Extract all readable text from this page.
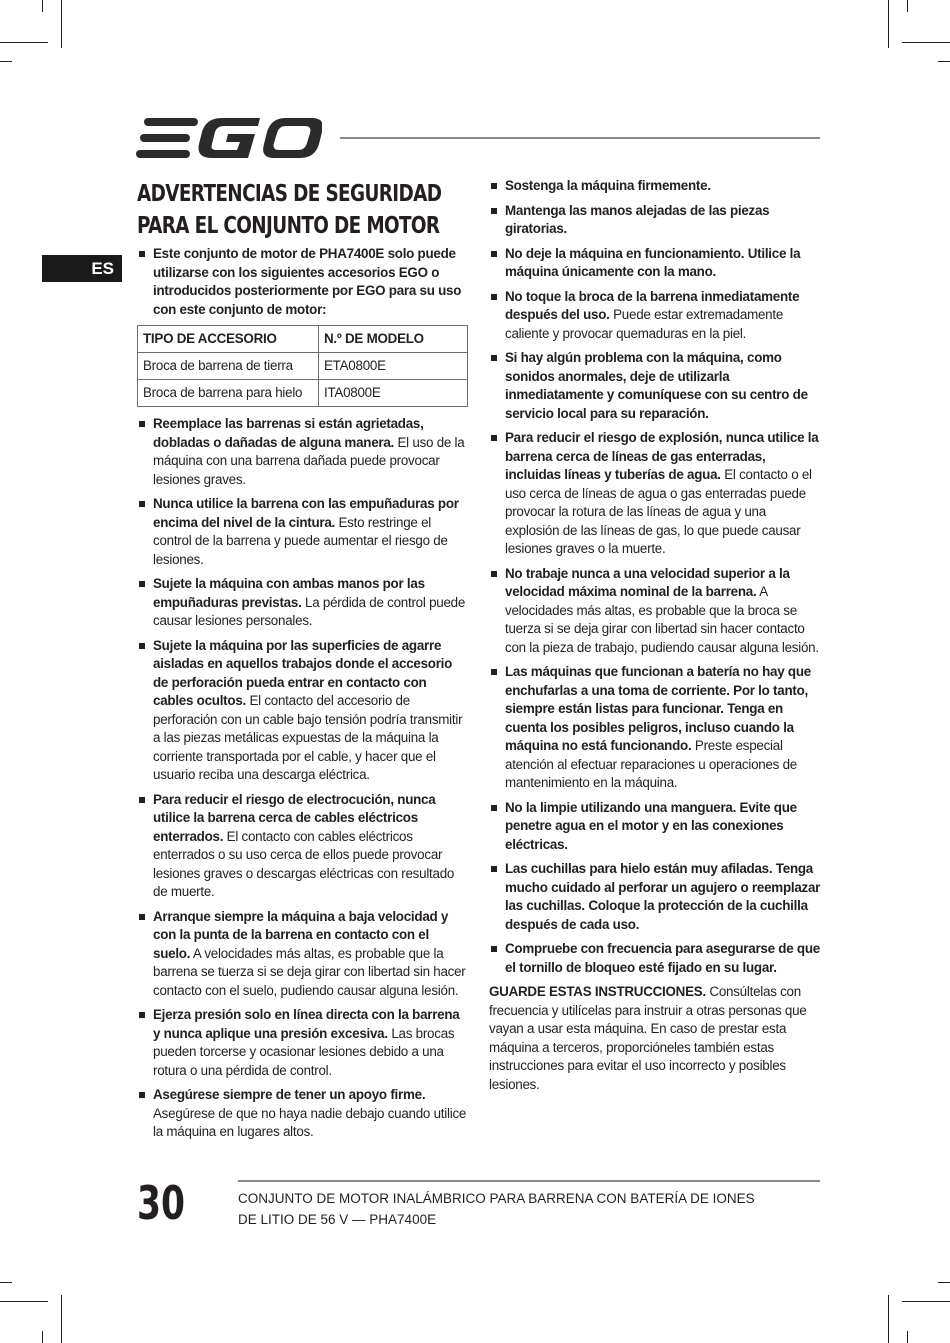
ES
ADVERTENCIAS DE SEGURIDAD PARA EL CONJUNTO DE MOTOR
Este conjunto de motor de PHA7400E solo puede utilizarse con los siguientes accesorios EGO o introducidos posteriormente por EGO para su uso con este conjunto de motor:
TIPO DE ACCESORIO	N.º DE MODELO
Broca de barrena de tierra	ETA0800E
Broca de barrena para hielo	ITA0800E
Reemplace las barrenas si están agrietadas, dobladas o dañadas de alguna manera. El uso de la máquina con una barrena dañada puede provocar lesiones graves.
Nunca utilice la barrena con las empuñaduras por encima del nivel de la cintura. Esto restringe el control de la barrena y puede aumentar el riesgo de lesiones.
Sujete la máquina con ambas manos por las empuñaduras previstas. La pérdida de control puede causar lesiones personales.
Sujete la máquina por las superficies de agarre aisladas en aquellos trabajos donde el accesorio de perforación pueda entrar en contacto con cables ocultos. El contacto del accesorio de perforación con un cable bajo tensión podría transmitir a las piezas metálicas expuestas de la máquina la corriente transportada por el cable, y hacer que el usuario reciba una descarga eléctrica.
Para reducir el riesgo de electrocución, nunca utilice la barrena cerca de cables eléctricos enterrados. El contacto con cables eléctricos enterrados o su uso cerca de ellos puede provocar lesiones graves o descargas eléctricas con resultado de muerte.
Arranque siempre la máquina a baja velocidad y con la punta de la barrena en contacto con el suelo. A velocidades más altas, es probable que la barrena se tuerza si se deja girar con libertad sin hacer contacto con el suelo, pudiendo causar alguna lesión.
Ejerza presión solo en línea directa con la barrena y nunca aplique una presión excesiva. Las brocas pueden torcerse y ocasionar lesiones debido a una rotura o una pérdida de control.
Asegúrese siempre de tener un apoyo firme. Asegúrese de que no haya nadie debajo cuando utilice la máquina en lugares altos.
Sostenga la máquina firmemente.
Mantenga las manos alejadas de las piezas giratorias.
No deje la máquina en funcionamiento. Utilice la máquina únicamente con la mano.
No toque la broca de la barrena inmediatamente después del uso. Puede estar extremadamente caliente y provocar quemaduras en la piel.
Si hay algún problema con la máquina, como sonidos anormales, deje de utilizarla inmediatamente y comuníquese con su centro de servicio local para su reparación.
Para reducir el riesgo de explosión, nunca utilice la barrena cerca de líneas de gas enterradas, incluidas líneas y tuberías de agua. El contacto o el uso cerca de líneas de agua o gas enterradas puede provocar la rotura de las líneas de agua y una explosión de las líneas de gas, lo que puede causar lesiones graves o la muerte.
No trabaje nunca a una velocidad superior a la velocidad máxima nominal de la barrena. A velocidades más altas, es probable que la broca se tuerza si se deja girar con libertad sin hacer contacto con la pieza de trabajo, pudiendo causar alguna lesión.
Las máquinas que funcionan a batería no hay que enchufarlas a una toma de corriente. Por lo tanto, siempre están listas para funcionar. Tenga en cuenta los posibles peligros, incluso cuando la máquina no está funcionando. Preste especial atención al efectuar reparaciones u operaciones de mantenimiento en la máquina.
No la limpie utilizando una manguera. Evite que penetre agua en el motor y en las conexiones eléctricas.
Las cuchillas para hielo están muy afiladas. Tenga mucho cuidado al perforar un agujero o reemplazar las cuchillas. Coloque la protección de la cuchilla después de cada uso.
Compruebe con frecuencia para asegurarse de que el tornillo de bloqueo esté fijado en su lugar.

GUARDE ESTAS INSTRUCCIONES. Consúltelas con frecuencia y utilícelas para instruir a otras personas que vayan a usar esta máquina. En caso de prestar esta máquina a terceros, proporcióneles también estas instrucciones para evitar el uso incorrecto y posibles lesiones.

30	CONJUNTO DE MOTOR INALÁMBRICO PARA BARRENA CON BATERÍA DE IONES DE LITIO DE 56 V — PHA7400E
